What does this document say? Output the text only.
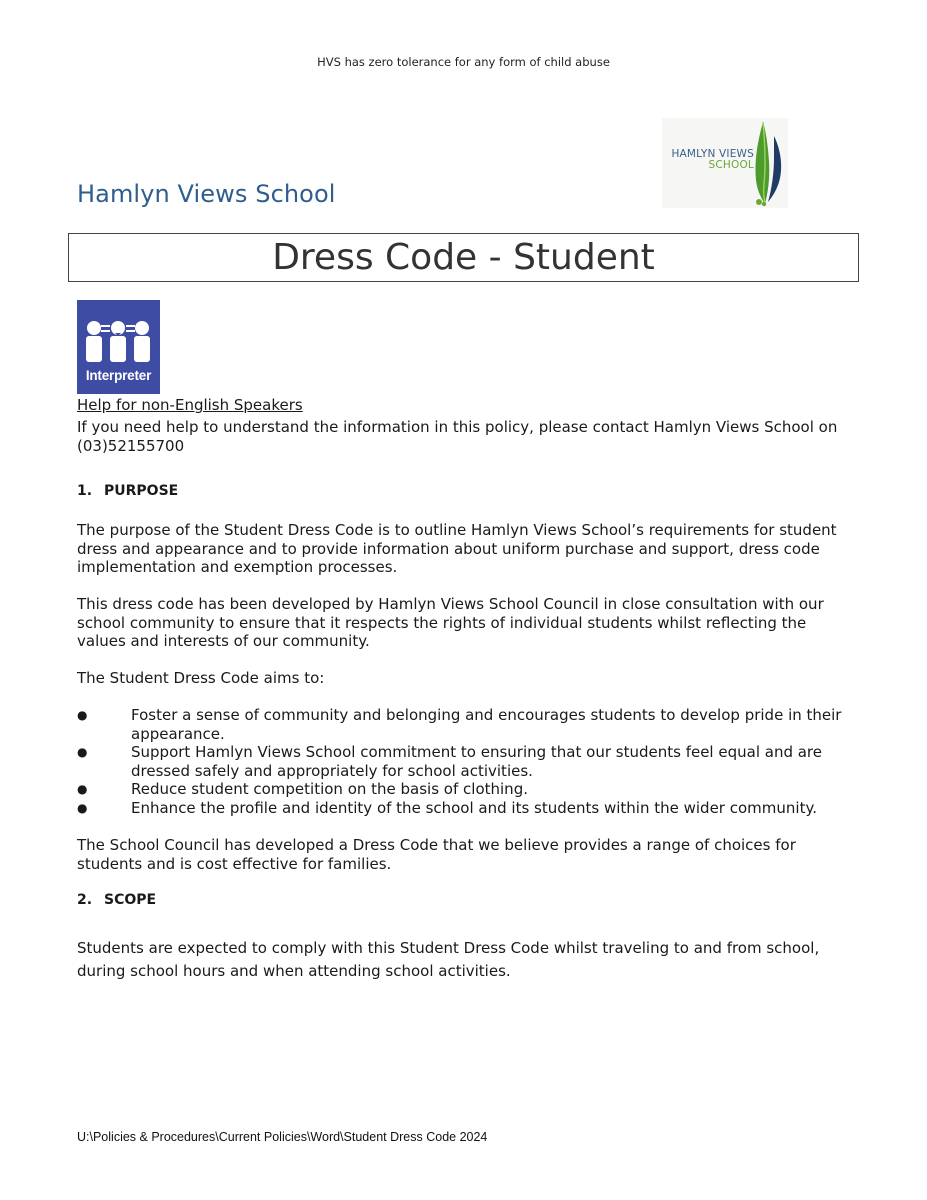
HVS has zero tolerance for any form of child abuse
Hamlyn Views School
HAMLYN VIEWS
SCHOOL
Dress Code - Student
Interpreter
Help for non-English Speakers
If you need help to understand the information in this policy, please contact Hamlyn Views School on (03)52155700
1. PURPOSE
The purpose of the Student Dress Code is to outline Hamlyn Views School’s requirements for student dress and appearance and to provide information about uniform purchase and support, dress code implementation and exemption processes.
This dress code has been developed by Hamlyn Views School Council in close consultation with our school community to ensure that it respects the rights of individual students whilst reflecting the values and interests of our community.
The Student Dress Code aims to:
●	Foster a sense of community and belonging and encourages students to develop pride in their appearance.
●	Support Hamlyn Views School commitment to ensuring that our students feel equal and are dressed safely and appropriately for school activities.
●	Reduce student competition on the basis of clothing.
●	Enhance the profile and identity of the school and its students within the wider community.
The School Council has developed a Dress Code that we believe provides a range of choices for students and is cost effective for families.
2. SCOPE
Students are expected to comply with this Student Dress Code whilst traveling to and from school, during school hours and when attending school activities.
U:\Policies & Procedures\Current Policies\Word\Student Dress Code 2024
